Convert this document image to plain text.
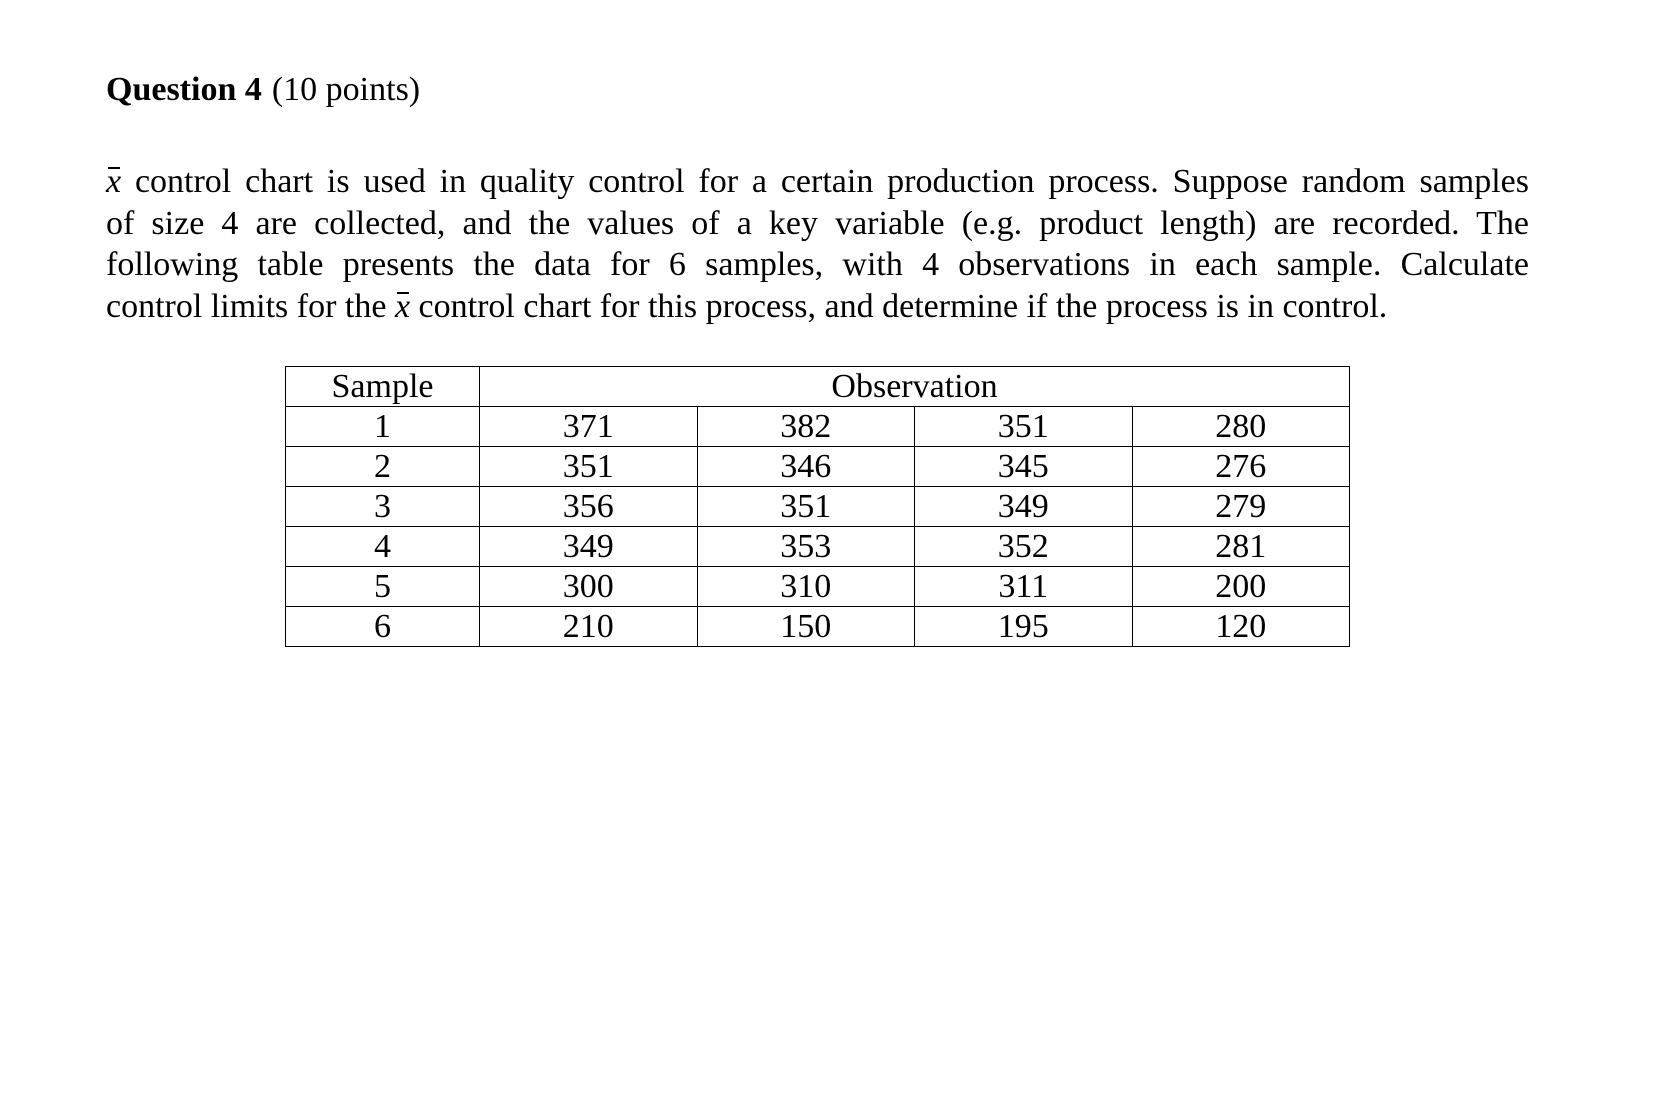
Question 4 (10 points)
x control chart is used in quality control for a certain production process. Suppose random samples
of size 4 are collected, and the values of a key variable (e.g. product length) are recorded. The
following table presents the data for 6 samples, with 4 observations in each sample. Calculate
control limits for the x control chart for this process, and determine if the process is in control.
Sample	Observation			
1	371	382	351	280
2	351	346	345	276
3	356	351	349	279
4	349	353	352	281
5	300	310	311	200
6	210	150	195	120
